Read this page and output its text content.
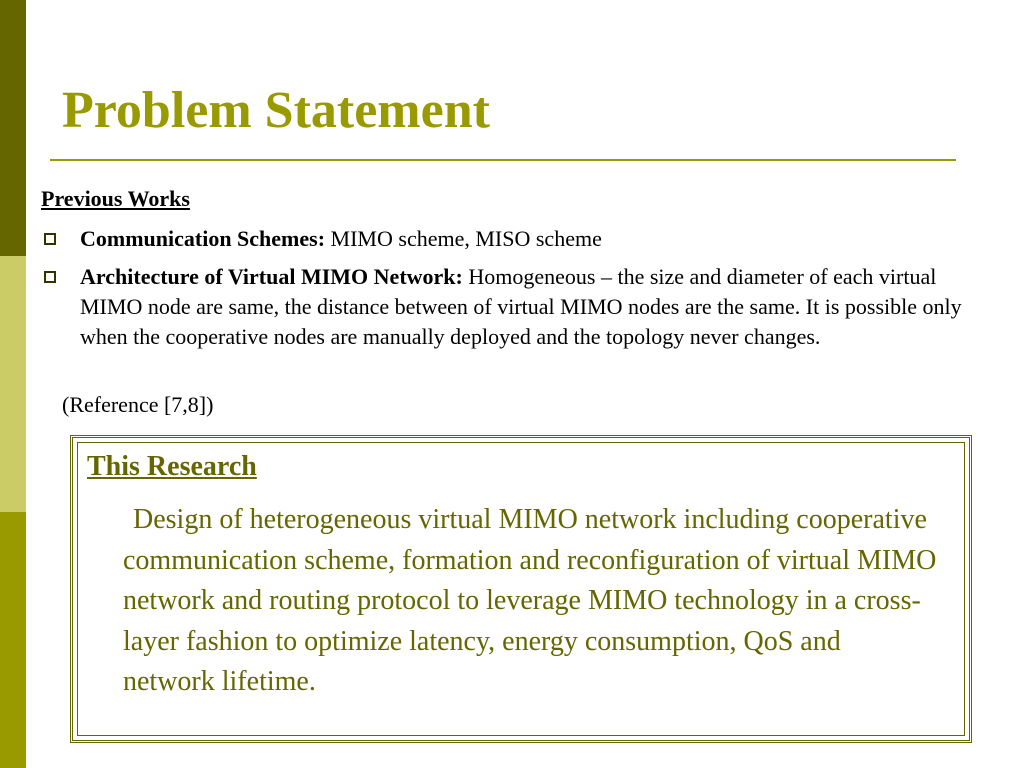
Problem Statement
Previous Works
Communication Schemes: MIMO scheme, MISO scheme
Architecture of Virtual MIMO Network: Homogeneous – the size and diameter of each virtual MIMO node are same, the distance between of virtual MIMO nodes are the same. It is possible only when the cooperative nodes are manually deployed and the topology never changes.
(Reference [7,8])
This Research
Design of heterogeneous virtual MIMO network including cooperative communication scheme, formation and reconfiguration of virtual MIMO network and routing protocol to leverage MIMO technology in a cross-layer fashion to optimize latency, energy consumption, QoS and network lifetime.
